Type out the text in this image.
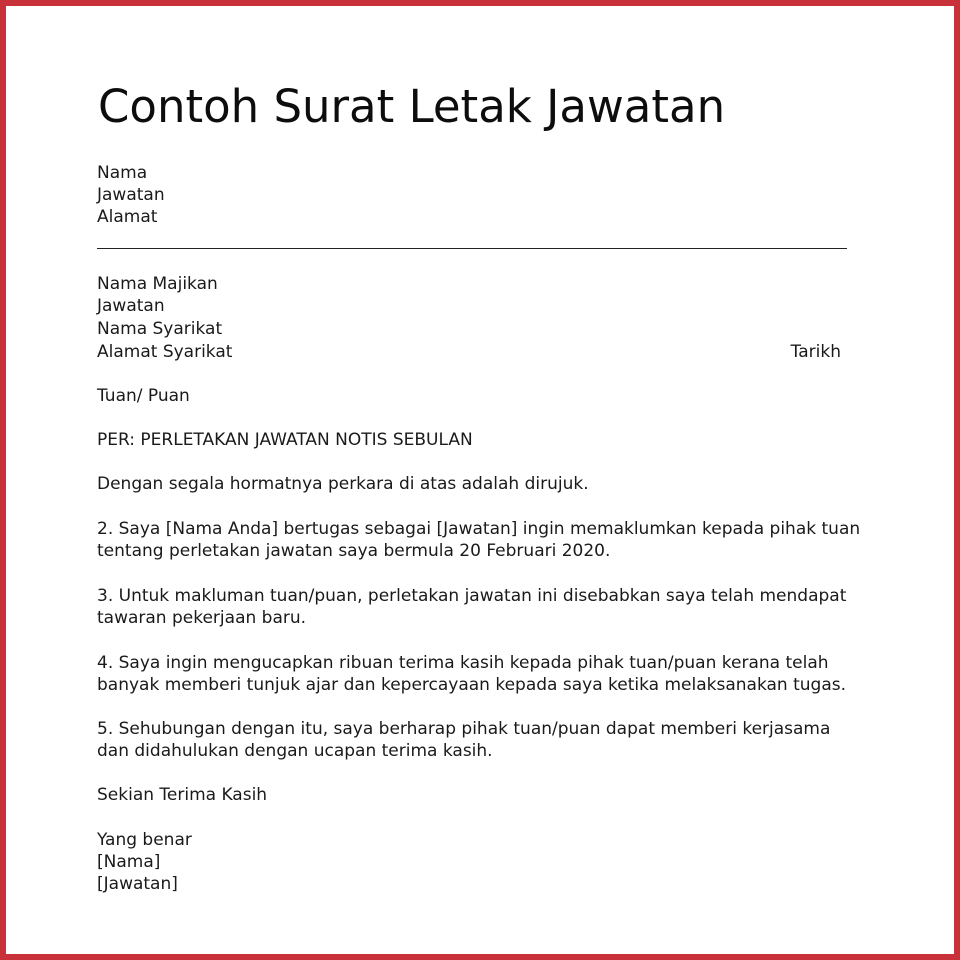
Contoh Surat Letak Jawatan
Nama
Jawatan
Alamat
Nama Majikan
Jawatan
Nama Syarikat
Alamat Syarikat	Tarikh
Tuan/ Puan
PER: PERLETAKAN JAWATAN NOTIS SEBULAN
Dengan segala hormatnya perkara di atas adalah dirujuk.
2. Saya [Nama Anda] bertugas sebagai [Jawatan] ingin memaklumkan kepada pihak tuan
tentang perletakan jawatan saya bermula 20 Februari 2020.
3. Untuk makluman tuan/puan, perletakan jawatan ini disebabkan saya telah mendapat
tawaran pekerjaan baru.
4. Saya ingin mengucapkan ribuan terima kasih kepada pihak tuan/puan kerana telah
banyak memberi tunjuk ajar dan kepercayaan kepada saya ketika melaksanakan tugas.
5. Sehubungan dengan itu, saya berharap pihak tuan/puan dapat memberi kerjasama
dan didahulukan dengan ucapan terima kasih.
Sekian Terima Kasih
Yang benar
[Nama]
[Jawatan]
